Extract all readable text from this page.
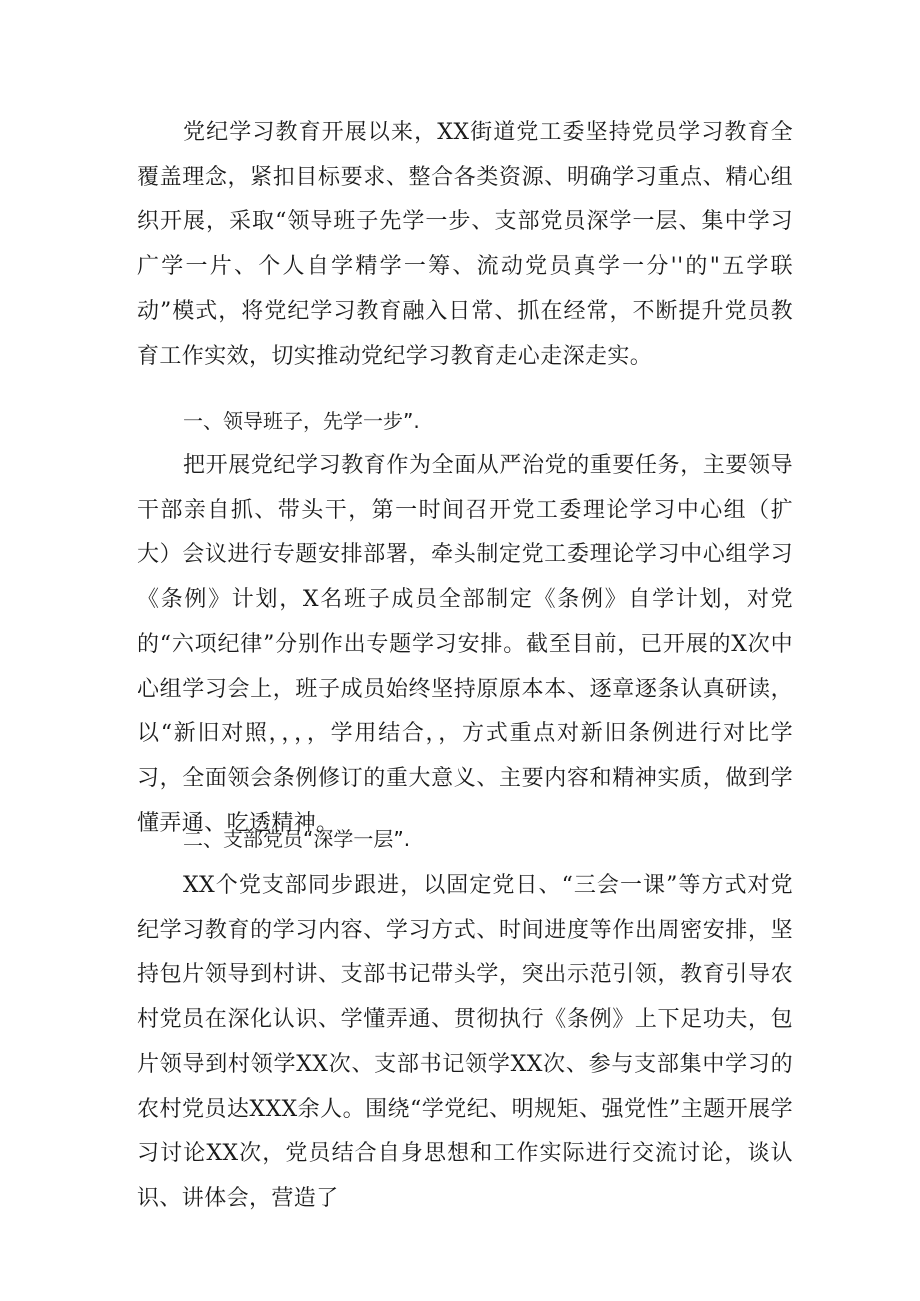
党纪学习教育开展以来，XX街道党工委坚持党员学习教育全覆盖理念，紧扣目标要求、整合各类资源、明确学习重点、精心组织开展，采取“领导班子先学一步、支部党员深学一层、集中学习广学一片、个人自学精学一筹、流动党员真学一分''的"五学联动”模式，将党纪学习教育融入日常、抓在经常，不断提升党员教育工作实效，切实推动党纪学习教育走心走深走实。

一、领导班子，先学一步”.

把开展党纪学习教育作为全面从严治党的重要任务，主要领导干部亲自抓、带头干，第一时间召开党工委理论学习中心组（扩大）会议进行专题安排部署，牵头制定党工委理论学习中心组学习《条例》计划，X名班子成员全部制定《条例》自学计划，对党的“六项纪律”分别作出专题学习安排。截至目前，已开展的X次中心组学习会上，班子成员始终坚持原原本本、逐章逐条认真研读，以“新旧对照，，，，学用结合，，方式重点对新旧条例进行对比学习，全面领会条例修订的重大意义、主要内容和精神实质，做到学懂弄通、吃透精神。

二、支部党员“深学一层”.

XX个党支部同步跟进，以固定党日、“三会一课”等方式对党纪学习教育的学习内容、学习方式、时间进度等作出周密安排，坚持包片领导到村讲、支部书记带头学，突出示范引领，教育引导农村党员在深化认识、学懂弄通、贯彻执行《条例》上下足功夫，包片领导到村领学XX次、支部书记领学XX次、参与支部集中学习的农村党员达XXX余人。围绕“学党纪、明规矩、强党性”主题开展学习讨论XX次，党员结合自身思想和工作实际进行交流讨论，谈认识、讲体会，营造了
